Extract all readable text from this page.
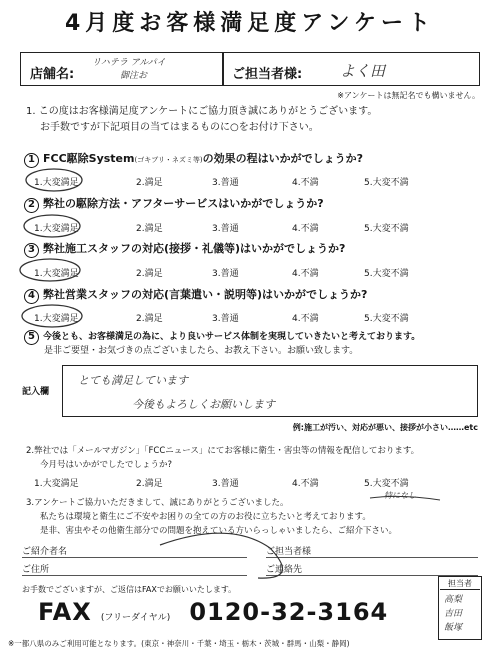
4月度お客様満足度アンケート
店舗名:
リハテラ アルパイ
御注お	ご担当者様:	よく田
※アンケートは無記名でも構いません。
1. この度はお客様満足度アンケートにご協力頂き誠にありがとうございます。
お手数ですが下記項目の当てはまるものに○をお付け下さい。
1 FCC駆除System(ゴキブリ・ネズミ等)の効果の程はいかがでしょうか?
1.大変満足	2.満足	3.普通	4.不満	5.大変不満
2 弊社の駆除方法・アフターサービスはいかがでしょうか?
1.大変満足	2.満足	3.普通	4.不満	5.大変不満
3 弊社施工スタッフの対応(接拶・礼儀等)はいかがでしょうか?
1.大変満足	2.満足	3.普通	4.不満	5.大変不満
4 弊社営業スタッフの対応(言葉遣い・説明等)はいかがでしょうか?
1.大変満足	2.満足	3.普通	4.不満	5.大変不満
5 今後とも、お客様満足の為に、より良いサービス体制を実現していきたいと考えております。
是非ご要望・お気づきの点ございましたら、お教え下さい。お願い致します。
記入欄
とても満足しています
今後もよろしくお願いします
例:施工が汚い、対応が悪い、接拶が小さい……etc
2.弊社では「メールマガジン」「FCCニュース」にてお客様に衛生・害虫等の情報を配信しております。
今月号はいかがでしたでしょうか?
1.大変満足	2.満足	3.普通	4.不満	5.大変不満
3.アンケートご協力いただきまして、誠にありがとうございました。
私たちは環境と衛生にご不安やお困りの全ての方のお役に立ちたいと考えております。
是非、害虫やその他衛生部分での問題を抱えている方いらっしゃいましたら、ご紹介下さい。
特になし
ご紹介者名	ご担当者様
ご住所	ご連絡先
お手数でございますが、ご返信はFAXでお願いいたします。
FAX (フリーダイヤル) 0120-32-3164
※一都八県のみご利用可能となります。(東京・神奈川・千葉・埼玉・栃木・茨城・群馬・山梨・静岡)
担当者
高梨
吉田
飯塚
